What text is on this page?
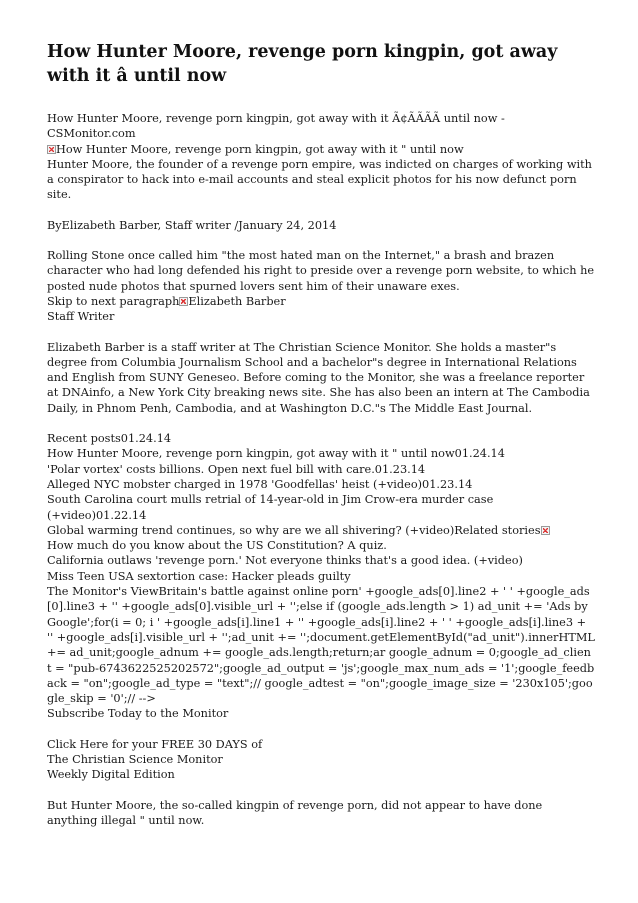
How Hunter Moore, revenge porn kingpin, got away with it â until now

How Hunter Moore, revenge porn kingpin, got away with it Ã¢ÃÃÃÃ until now - CSMonitor.com

How Hunter Moore, revenge porn kingpin, got away with it " until now

Hunter Moore, the founder of a revenge porn empire, was indicted on charges of working with a conspirator to hack into e-mail accounts and steal explicit photos for his now defunct porn site.

ByElizabeth Barber, Staff writer /January 24, 2014

Rolling Stone once called him "the most hated man on the Internet," a brash and brazen character who had long defended his right to preside over a revenge porn website, to which he posted nude photos that spurned lovers sent him of their unaware exes.

Skip to next paragraph Elizabeth Barber

Staff Writer

Elizabeth Barber is a staff writer at The Christian Science Monitor. She holds a master"s degree from Columbia Journalism School and a bachelor"s degree in International Relations and English from SUNY Geneseo. Before coming to the Monitor, she was a freelance reporter at DNAinfo, a New York City breaking news site. She has also been an intern at The Cambodia Daily, in Phnom Penh, Cambodia, and at Washington D.C."s The Middle East Journal.

Recent posts01.24.14

How Hunter Moore, revenge porn kingpin, got away with it " until now01.24.14

'Polar vortex' costs billions. Open next fuel bill with care.01.23.14

Alleged NYC mobster charged in 1978 'Goodfellas' heist (+video)01.23.14

South Carolina court mulls retrial of 14-year-old in Jim Crow-era murder case (+video)01.22.14

Global warming trend continues, so why are we all shivering? (+video)Related stories

How much do you know about the US Constitution? A quiz.

California outlaws 'revenge porn.' Not everyone thinks that's a good idea. (+video)

Miss Teen USA sextortion case: Hacker pleads guilty

The Monitor's ViewBritain's battle against online porn' +google_ads[0].line2 + ' ' +google_ads[0].line3 + '' +google_ads[0].visible_url + '';else if (google_ads.length > 1) ad_unit += 'Ads by Google';for(i = 0; i ' +google_ads[i].line1 + '' +google_ads[i].line2 + ' ' +google_ads[i].line3 + '' +google_ads[i].visible_url + '';ad_unit += '';document.getElementById("ad_unit").innerHTML += ad_unit;google_adnum += google_ads.length;return;ar google_adnum = 0;google_ad_client = "pub-6743622525202572";google_ad_output = 'js';google_max_num_ads = '1';google_feedback = "on";google_ad_type = "text";// google_adtest = "on";google_image_size = '230x105';google_skip = '0';// -->

Subscribe Today to the Monitor

Click Here for your FREE 30 DAYS of

The Christian Science Monitor

Weekly Digital Edition

But Hunter Moore, the so-called kingpin of revenge porn, did not appear to have done anything illegal " until now.
